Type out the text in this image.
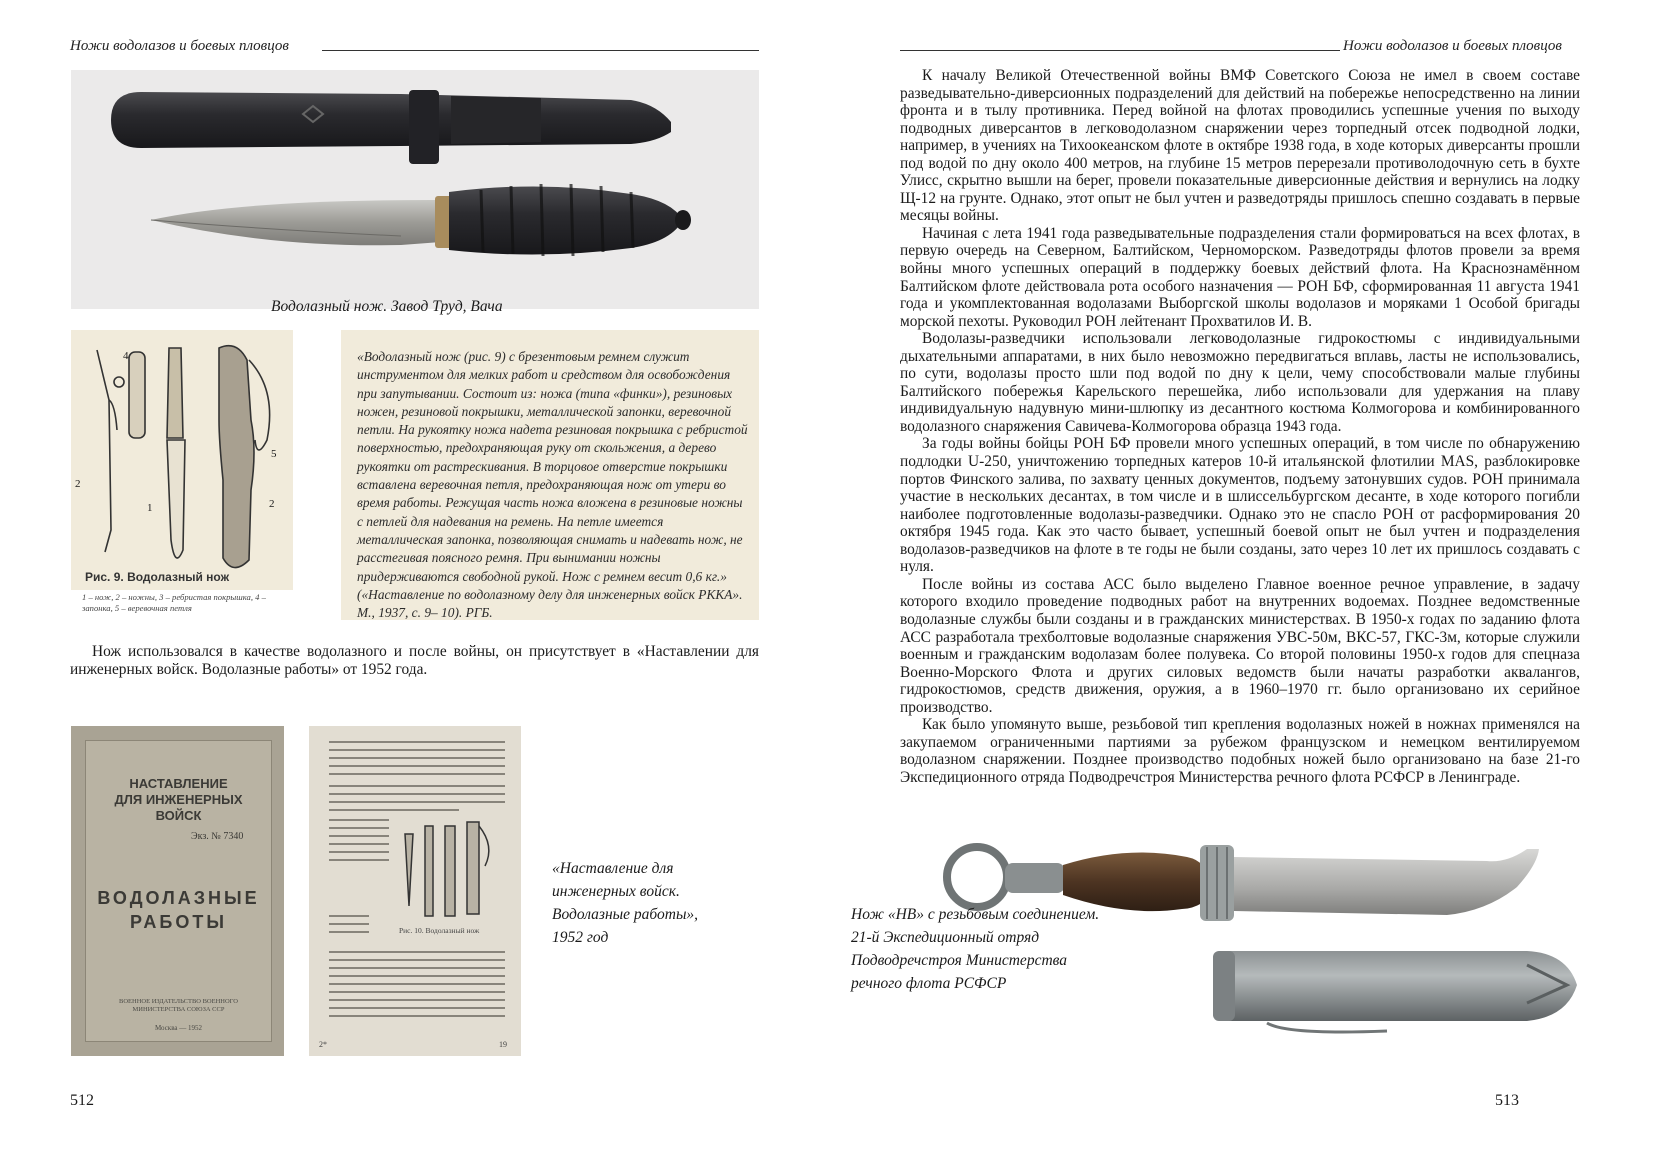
Ножи водолазов и боевых пловцов
Водолазный нож. Завод Труд, Вача
4
5
2
1	2
Рис. 9. Водолазный нож
1 – нож, 2 – ножны, 3 – ребристая покрышка, 4 – запонка, 5 – веревочная петля
«Водолазный нож (рис. 9) с брезентовым ремнем служит инструментом для мелких работ и средством для освобождения при запутывании. Состоит из: ножа (типа «финки»), резиновых ножен, резиновой покрышки, металлической запонки, веревочной петли. На рукоятку ножа надета резиновая покрышка с ребристой поверхностью, предохраняющая руку от скольжения, а дерево рукоятки от растрескивания. В торцовое отверстие покрышки вставлена веревочная петля, предохраняющая нож от утери во время работы. Режущая часть ножа вложена в резиновые ножны с петлей для надевания на ремень. На петле имеется металлическая запонка, позволяющая снимать и надевать нож, не расстегивая поясного ремня. При вынимании ножны придерживаются свободной рукой. Нож с ремнем весит 0,6 кг.» («Наставление по водолазному делу для инженерных войск РККА». М., 1937, с. 9– 10). РГБ.

Нож использовался в качестве водолазного и после войны, он присутствует в «Наставлении для инженерных войск. Водолазные работы» от 1952 года.

НАСТАВЛЕНИЕ
ДЛЯ ИНЖЕНЕРНЫХ
ВОЙСК
Экз. № 7340
ВОДОЛАЗНЫЕ
РАБОТЫ
ВОЕННОЕ ИЗДАТЕЛЬСТВО ВОЕННОГО МИНИСТЕРСТВА СОЮЗА ССР
Москва — 1952
Рис. 10. Водолазный нож
2*	19
«Наставление для инженерных войск. Водолазные работы», 1952 год
512
Ножи водолазов и боевых пловцов

К началу Великой Отечественной войны ВМФ Советского Союза не имел в своем составе разведывательно-диверсионных подразделений для действий на побережье непосредственно на линии фронта и в тылу противника. Перед войной на флотах проводились успешные учения по выходу подводных диверсантов в легководолазном снаряжении через торпедный отсек подводной лодки, например, в учениях на Тихоокеанском флоте в октябре 1938 года, в ходе которых диверсанты прошли под водой по дну около 400 метров, на глубине 15 метров перерезали противолодочную сеть в бухте Улисс, скрытно вышли на берег, провели показательные диверсионные действия и вернулись на лодку Щ-12 на грунте. Однако, этот опыт не был учтен и разведотряды пришлось спешно создавать в первые месяцы войны.

Начиная с лета 1941 года разведывательные подразделения стали формироваться на всех флотах, в первую очередь на Северном, Балтийском, Черноморском. Разведотряды флотов провели за время войны много успешных операций в поддержку боевых действий флота. На Краснознамённом Балтийском флоте действовала рота особого назначения — РОН БФ, сформированная 11 августа 1941 года и укомплектованная водолазами Выборгской школы водолазов и моряками 1 Особой бригады морской пехоты. Руководил РОН лейтенант Прохватилов И. В.

Водолазы-разведчики использовали легководолазные гидрокостюмы с индивидуальными дыхательными аппаратами, в них было невозможно передвигаться вплавь, ласты не использовались, по сути, водолазы просто шли под водой по дну к цели, чему способствовали малые глубины Балтийского побережья Карельского перешейка, либо использовали для удержания на плаву индивидуальную надувную мини-шлюпку из десантного костюма Колмогорова и комбинированного водолазного снаряжения Савичева-Колмогорова образца 1943 года.

За годы войны бойцы РОН БФ провели много успешных операций, в том числе по обнаружению подлодки U-250, уничтожению торпедных катеров 10-й итальянской флотилии MAS, разблокировке портов Финского залива, по захвату ценных документов, подъему затонувших судов. РОН принимала участие в нескольких десантах, в том числе и в шлиссельбургском десанте, в ходе которого погибли наиболее подготовленные водолазы-разведчики. Однако это не спасло РОН от расформирования 20 октября 1945 года. Как это часто бывает, успешный боевой опыт не был учтен и подразделения водолазов-разведчиков на флоте в те годы не были созданы, зато через 10 лет их пришлось создавать с нуля.

После войны из состава АСС было выделено Главное военное речное управление, в задачу которого входило проведение подводных работ на внутренних водоемах. Позднее ведомственные водолазные службы были созданы и в гражданских министерствах. В 1950-х годах по заданию флота АСС разработала трехболтовые водолазные снаряжения УВС-50м, ВКС-57, ГКС-3м, которые служили военным и гражданским водолазам более полувека. Со второй половины 1950-х годов для спецназа Военно-Морского Флота и других силовых ведомств были начаты разработки аквалангов, гидрокостюмов, средств движения, оружия, а в 1960–1970 гг. было организовано их серийное производство.

Как было упомянуто выше, резьбовой тип крепления водолазных ножей в ножнах применялся на закупаемом ограниченными партиями за рубежом французском и немецком вентилируемом водолазном снаряжении. Позднее производство подобных ножей было организовано на базе 21-го Экспедиционного отряда Подводречстроя Министерства речного флота РСФСР в Ленинграде.

Нож «НВ» с резьбовым соединением. 21-й Экспедиционный отряд Подводречстроя Министерства речного флота РСФСР
513
